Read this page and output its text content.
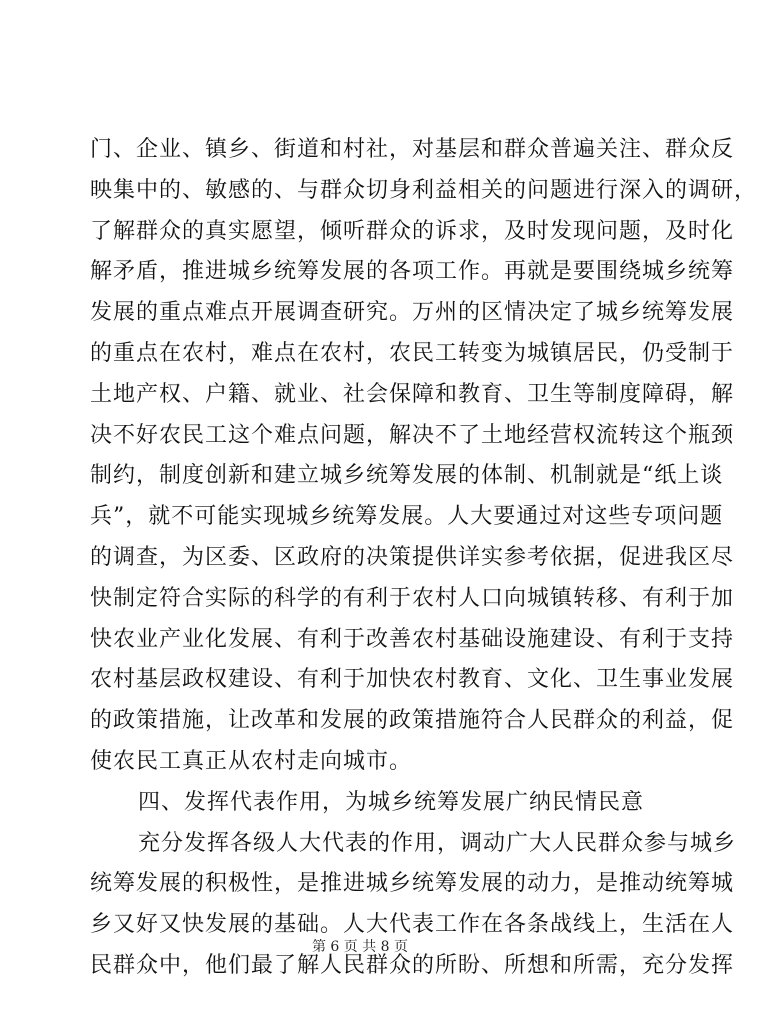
门、企业、镇乡、街道和村社，对基层和群众普遍关注、群众反
映集中的、敏感的、与群众切身利益相关的问题进行深入的调研，
了解群众的真实愿望，倾听群众的诉求，及时发现问题，及时化
解矛盾，推进城乡统筹发展的各项工作。再就是要围绕城乡统筹
发展的重点难点开展调查研究。万州的区情决定了城乡统筹发展
的重点在农村，难点在农村，农民工转变为城镇居民，仍受制于
土地产权、户籍、就业、社会保障和教育、卫生等制度障碍，解
决不好农民工这个难点问题，解决不了土地经营权流转这个瓶颈
制约，制度创新和建立城乡统筹发展的体制、机制就是“纸上谈
兵”，就不可能实现城乡统筹发展。人大要通过对这些专项问题
的调查，为区委、区政府的决策提供详实参考依据，促进我区尽
快制定符合实际的科学的有利于农村人口向城镇转移、有利于加
快农业产业化发展、有利于改善农村基础设施建设、有利于支持
农村基层政权建设、有利于加快农村教育、文化、卫生事业发展
的政策措施，让改革和发展的政策措施符合人民群众的利益，促
使农民工真正从农村走向城市。
四、发挥代表作用，为城乡统筹发展广纳民情民意
充分发挥各级人大代表的作用，调动广大人民群众参与城乡
统筹发展的积极性，是推进城乡统筹发展的动力，是推动统筹城
乡又好又快发展的基础。人大代表工作在各条战线上，生活在人
民群众中，他们最了解人民群众的所盼、所想和所需，充分发挥
第 6 页 共 8 页
